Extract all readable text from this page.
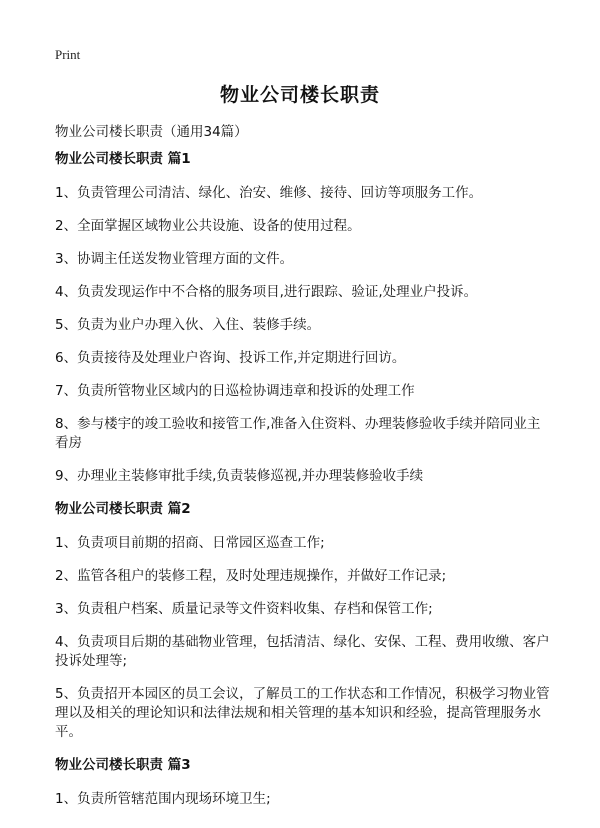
Print
物业公司楼长职责
物业公司楼长职责（通用34篇）
物业公司楼长职责 篇1
1、负责管理公司清洁、绿化、治安、维修、接待、回访等项服务工作。
2、全面掌握区域物业公共设施、设备的使用过程。
3、协调主任送发物业管理方面的文件。
4、负责发现运作中不合格的服务项目,进行跟踪、验证,处理业户投诉。
5、负责为业户办理入伙、入住、装修手续。
6、负责接待及处理业户咨询、投诉工作,并定期进行回访。
7、负责所管物业区域内的日巡检协调违章和投诉的处理工作
8、参与楼宇的竣工验收和接管工作,准备入住资料、办理装修验收手续并陪同业主看房
9、办理业主装修审批手续,负责装修巡视,并办理装修验收手续
物业公司楼长职责 篇2
1、负责项目前期的招商、日常园区巡查工作;
2、监管各租户的装修工程，及时处理违规操作，并做好工作记录;
3、负责租户档案、质量记录等文件资料收集、存档和保管工作;
4、负责项目后期的基础物业管理，包括清洁、绿化、安保、工程、费用收缴、客户投诉处理等;
5、负责招开本园区的员工会议，了解员工的工作状态和工作情况，积极学习物业管理以及相关的理论知识和法律法规和相关管理的基本知识和经验，提高管理服务水平。
物业公司楼长职责 篇3
1、负责所管辖范围内现场环境卫生;
